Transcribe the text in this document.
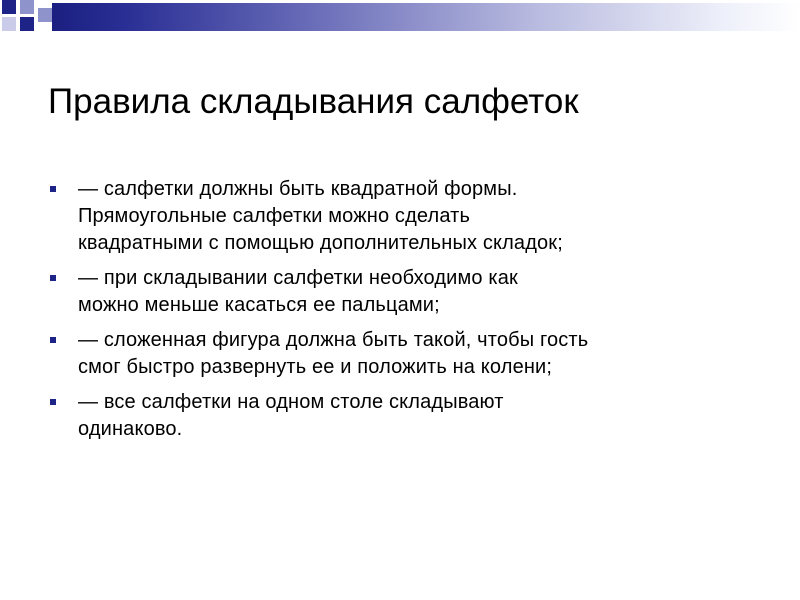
Правила складывания салфеток
— салфетки должны быть квадратной формы.
Прямоугольные салфетки можно сделать
квадратными с помощью дополнительных складок;
— при складывании салфетки необходимо как
можно меньше касаться ее пальцами;
— сложенная фигура должна быть такой, чтобы гость
смог быстро развернуть ее и положить на колени;
— все салфетки на одном столе складывают
одинаково.
